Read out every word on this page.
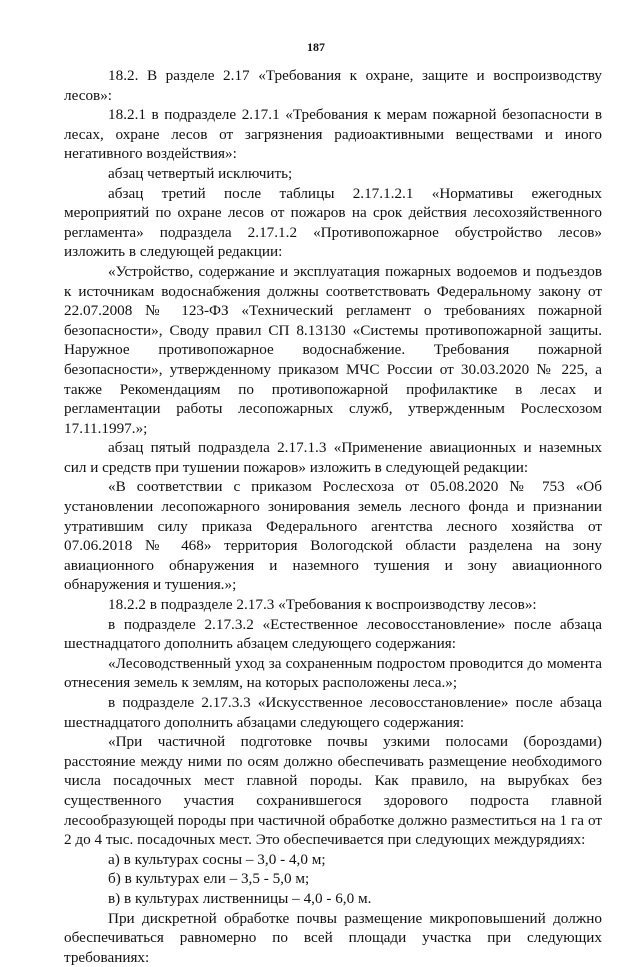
187

18.2. В разделе 2.17 «Требования к охране, защите и воспроизводству лесов»:

18.2.1 в подразделе 2.17.1 «Требования к мерам пожарной безопасности в лесах, охране лесов от загрязнения радиоактивными веществами и иного негативного воздействия»:

абзац четвертый исключить;

абзац третий после таблицы 2.17.1.2.1 «Нормативы ежегодных мероприятий по охране лесов от пожаров на срок действия лесохозяйственного регламента» подраздела 2.17.1.2 «Противопожарное обустройство лесов» изложить в следующей редакции:

«Устройство, содержание и эксплуатация пожарных водоемов и подъездов к источникам водоснабжения должны соответствовать Федеральному закону от 22.07.2008 № 123-ФЗ «Технический регламент о требованиях пожарной безопасности», Своду правил СП 8.13130 «Системы противопожарной защиты. Наружное противопожарное водоснабжение. Требования пожарной безопасности», утвержденному приказом МЧС России от 30.03.2020 № 225, а также Рекомендациям по противопожарной профилактике в лесах и регламентации работы лесопожарных служб, утвержденным Рослесхозом 17.11.1997.»;

абзац пятый подраздела 2.17.1.3 «Применение авиационных и наземных сил и средств при тушении пожаров» изложить в следующей редакции:

«В соответствии с приказом Рослесхоза от 05.08.2020 № 753 «Об установлении лесопожарного зонирования земель лесного фонда и признании утратившим силу приказа Федерального агентства лесного хозяйства от 07.06.2018 № 468» территория Вологодской области разделена на зону авиационного обнаружения и наземного тушения и зону авиационного обнаружения и тушения.»;

18.2.2 в подразделе 2.17.3 «Требования к воспроизводству лесов»:

в подразделе 2.17.3.2 «Естественное лесовосстановление» после абзаца шестнадцатого дополнить абзацем следующего содержания:

«Лесоводственный уход за сохраненным подростом проводится до момента отнесения земель к землям, на которых расположены леса.»;

в подразделе 2.17.3.3 «Искусственное лесовосстановление» после абзаца шестнадцатого дополнить абзацами следующего содержания:

«При частичной подготовке почвы узкими полосами (бороздами) расстояние между ними по осям должно обеспечивать размещение необходимого числа посадочных мест главной породы. Как правило, на вырубках без существенного участия сохранившегося здорового подроста главной лесообразующей породы при частичной обработке должно разместиться на 1 га от 2 до 4 тыс. посадочных мест. Это обеспечивается при следующих междурядиях:

а) в культурах сосны – 3,0 - 4,0 м;

б) в культурах ели – 3,5 - 5,0 м;

в) в культурах лиственницы – 4,0 - 6,0 м.

При дискретной обработке почвы размещение микроповышений должно обеспечиваться равномерно по всей площади участка при следующих требованиях:
